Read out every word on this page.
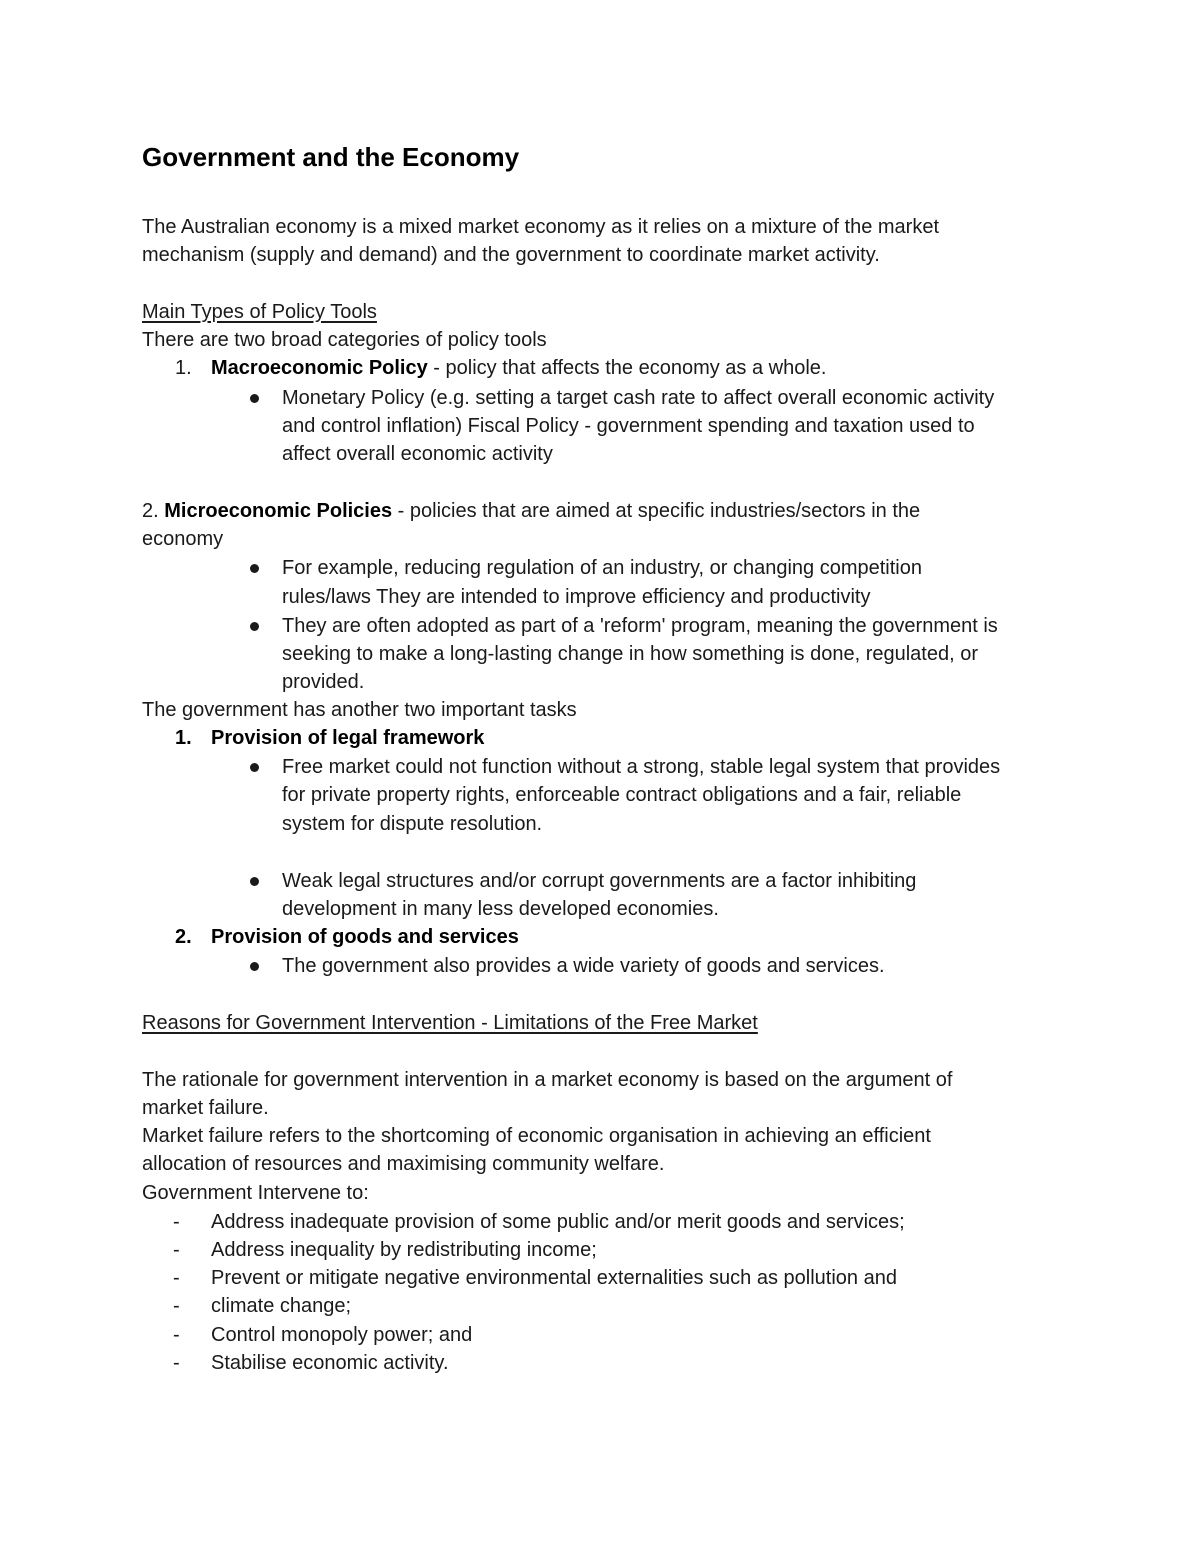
Government and the Economy
The Australian economy is a mixed market economy as it relies on a mixture of the market
mechanism (supply and demand) and the government to coordinate market activity.
Main Types of Policy Tools
There are two broad categories of policy tools
1. Macroeconomic Policy - policy that affects the economy as a whole.
Monetary Policy (e.g. setting a target cash rate to affect overall economic activity
and control inflation) Fiscal Policy - government spending and taxation used to
affect overall economic activity
2. Microeconomic Policies - policies that are aimed at specific industries/sectors in the
economy
For example, reducing regulation of an industry, or changing competition
rules/laws They are intended to improve efficiency and productivity
They are often adopted as part of a 'reform' program, meaning the government is
seeking to make a long-lasting change in how something is done, regulated, or
provided.
The government has another two important tasks
1. Provision of legal framework
Free market could not function without a strong, stable legal system that provides
for private property rights, enforceable contract obligations and a fair, reliable
system for dispute resolution.
Weak legal structures and/or corrupt governments are a factor inhibiting
development in many less developed economies.
2. Provision of goods and services
The government also provides a wide variety of goods and services.
Reasons for Government Intervention - Limitations of the Free Market
The rationale for government intervention in a market economy is based on the argument of
market failure.
Market failure refers to the shortcoming of economic organisation in achieving an efficient
allocation of resources and maximising community welfare.
Government Intervene to:
- Address inadequate provision of some public and/or merit goods and services;
- Address inequality by redistributing income;
- Prevent or mitigate negative environmental externalities such as pollution and
- climate change;
- Control monopoly power; and
- Stabilise economic activity.
